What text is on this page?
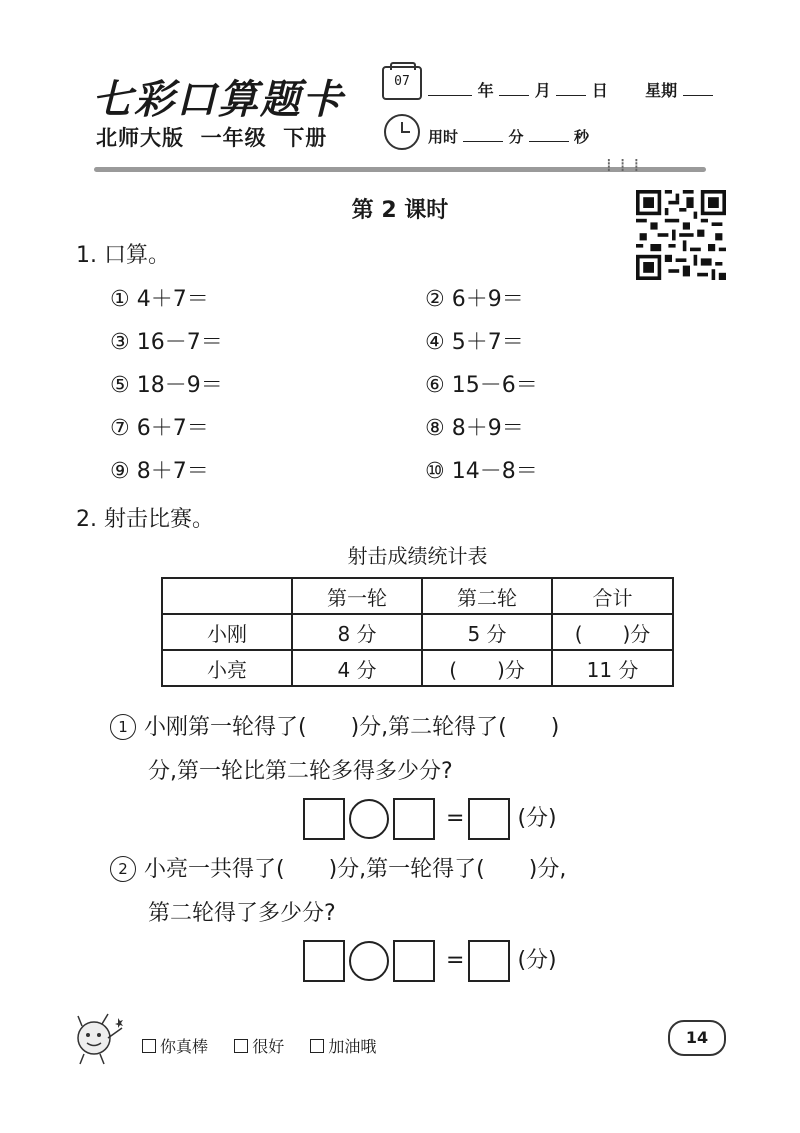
七彩口算题卡
北师大版  一年级  下册
07	年	月	日 星期
用时	分	秒
⁞⁞⁞
第 2 课时
1. 口算。
① 4＋7＝	② 6＋9＝
③ 16－7＝	④ 5＋7＝
⑤ 18－9＝	⑥ 15－6＝
⑦ 6＋7＝	⑧ 8＋9＝
⑨ 8＋7＝	⑩ 14－8＝
2. 射击比赛。
射击成绩统计表
	第一轮	第二轮	合计
小刚	8 分	5 分	(　　)分
小亮	4 分	(　　)分	11 分
1 小刚第一轮得了(　　)分,第二轮得了(　　)
分,第一轮比第二轮多得多少分?
= (分)
2 小亮一共得了(　　)分,第一轮得了(　　)分,
第二轮得了多少分?
= (分)
你真棒	很好	加油哦	14
